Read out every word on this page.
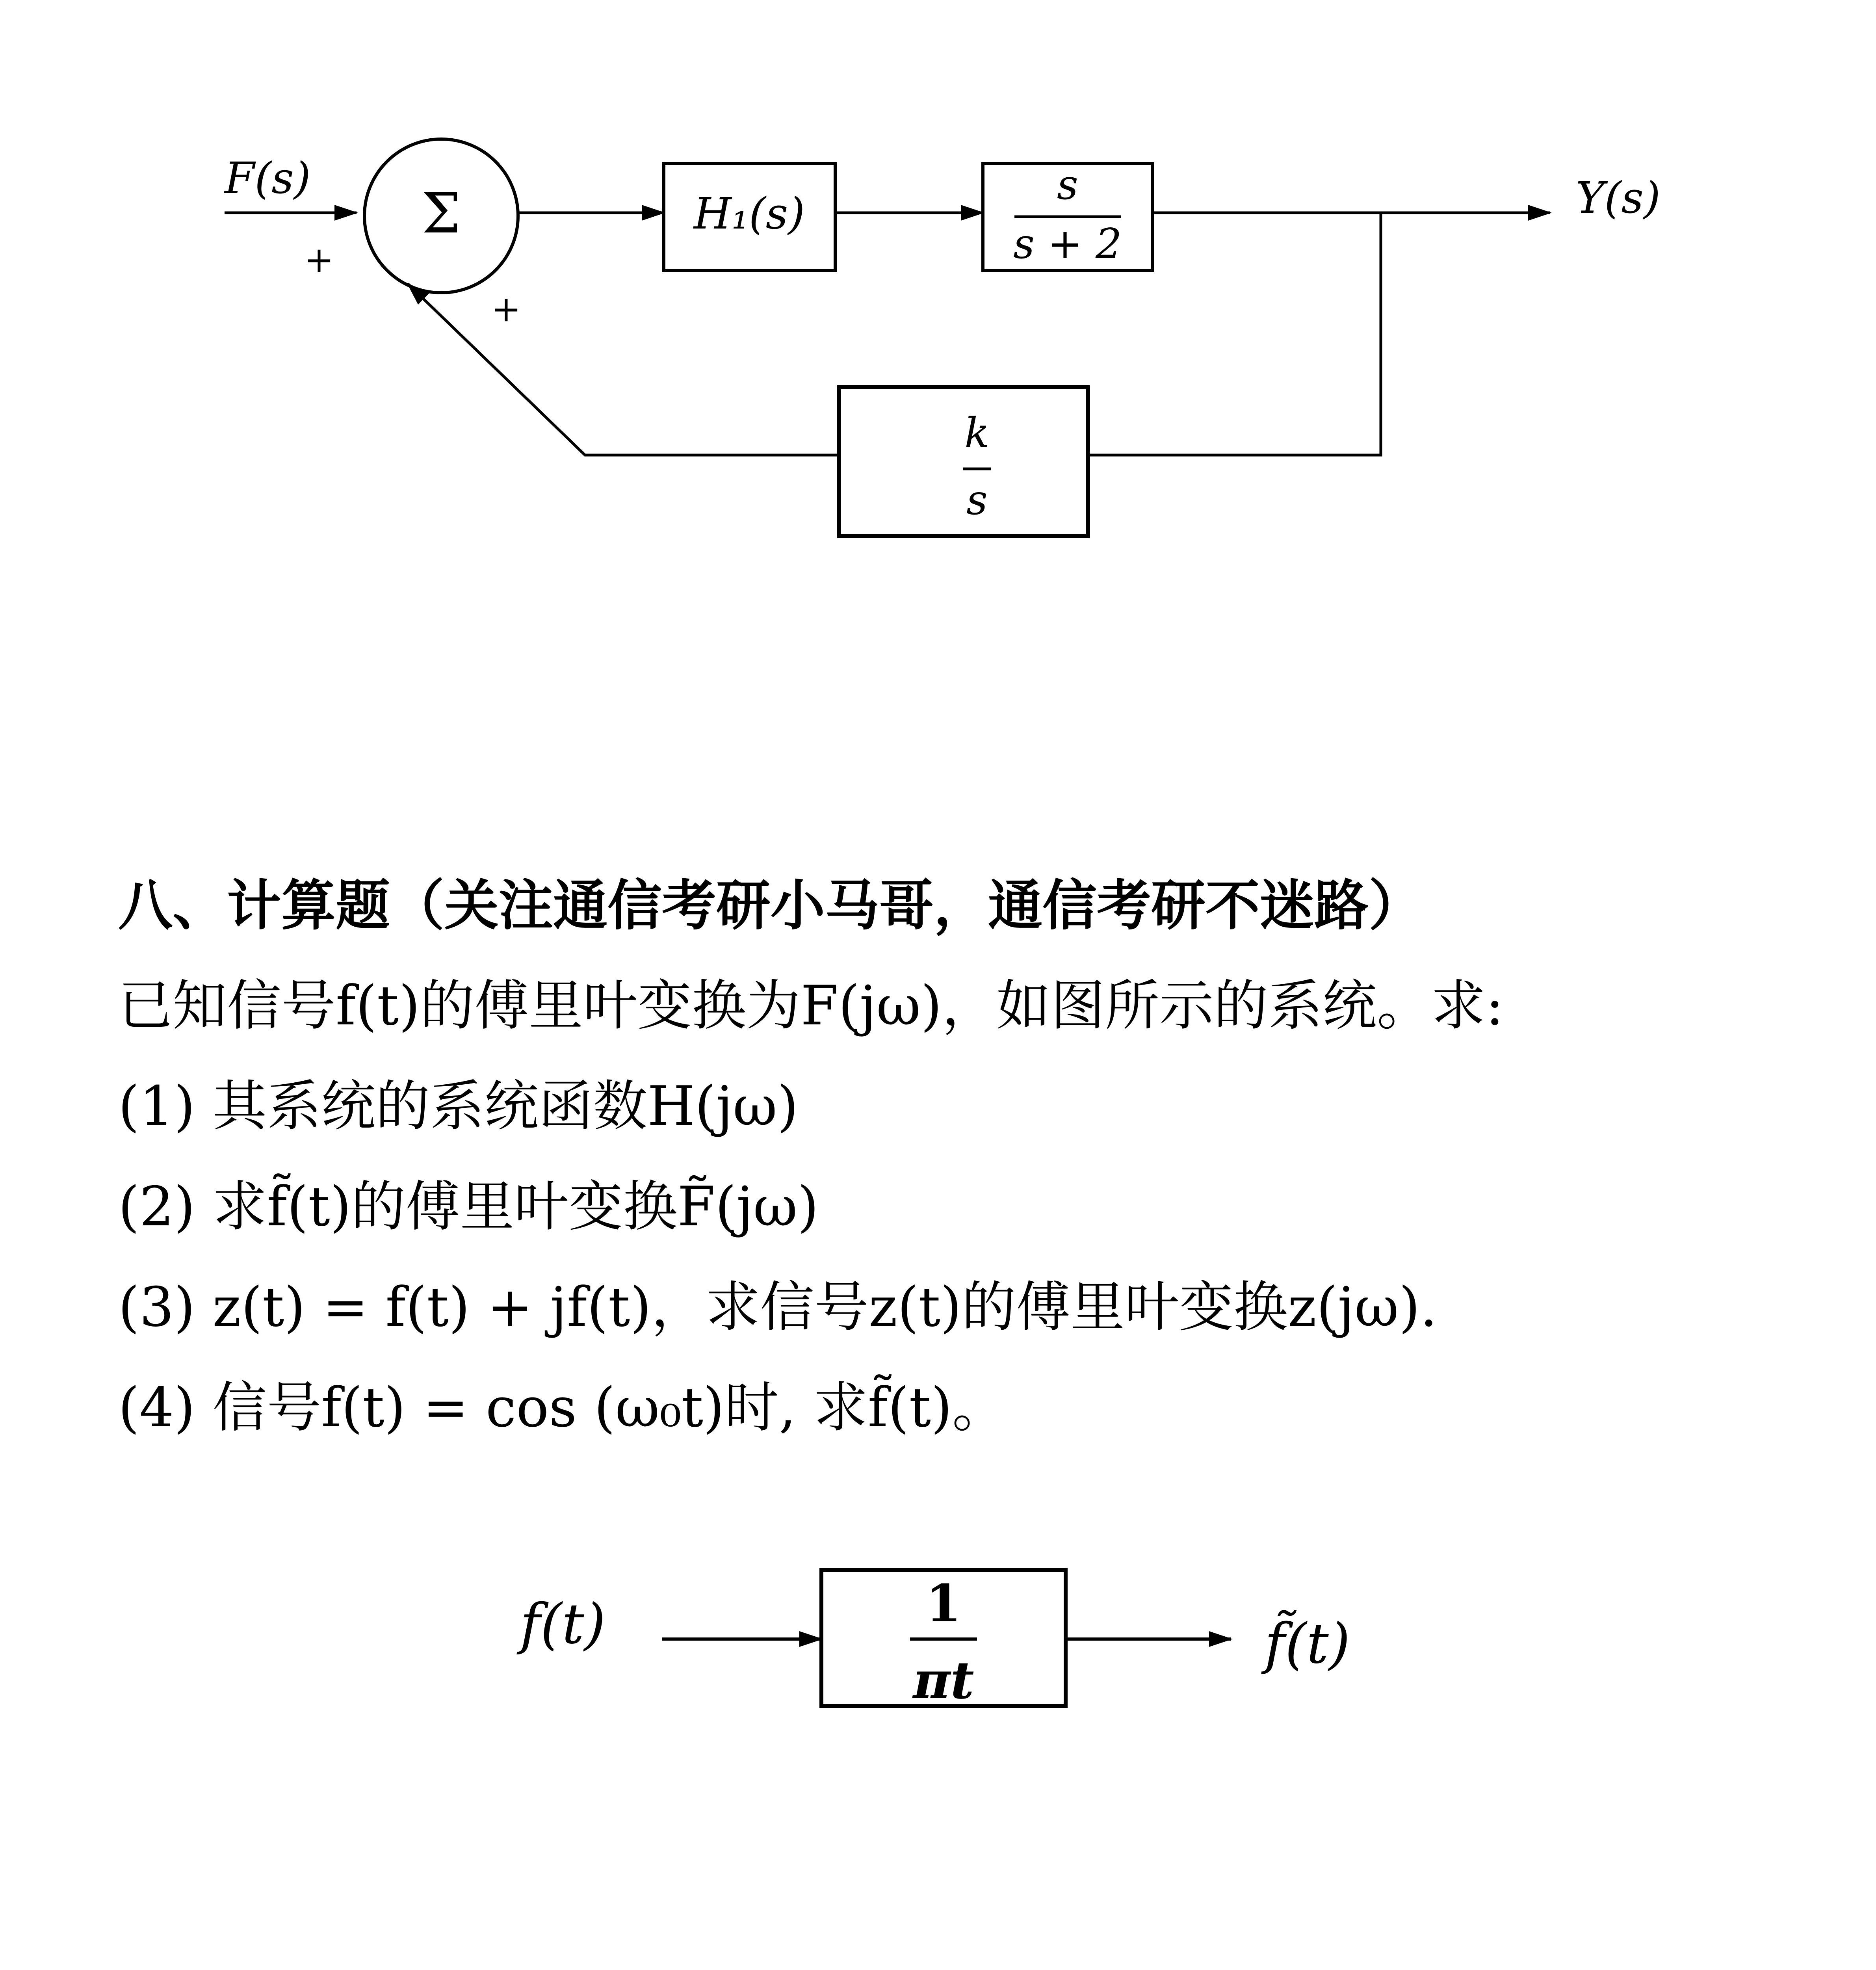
F(s)
Σ
+
+
H₁(s)
s
s + 2
Y(s)
k
s
八、计算题（关注通信考研小马哥，通信考研不迷路）
已知信号f(t)的傅里叶变换为F(jω)，如图所示的系统。求:
(1) 其系统的系统函数H(jω)
(2) 求f̃(t)的傅里叶变换F̃(jω)
(3) z(t) = f(t) + jf(t)，求信号z(t)的傅里叶变换z(jω).
(4) 信号f(t) = cos (ω₀t)时, 求f̃(t)。
f(t)	1
πt
f̃(t)
